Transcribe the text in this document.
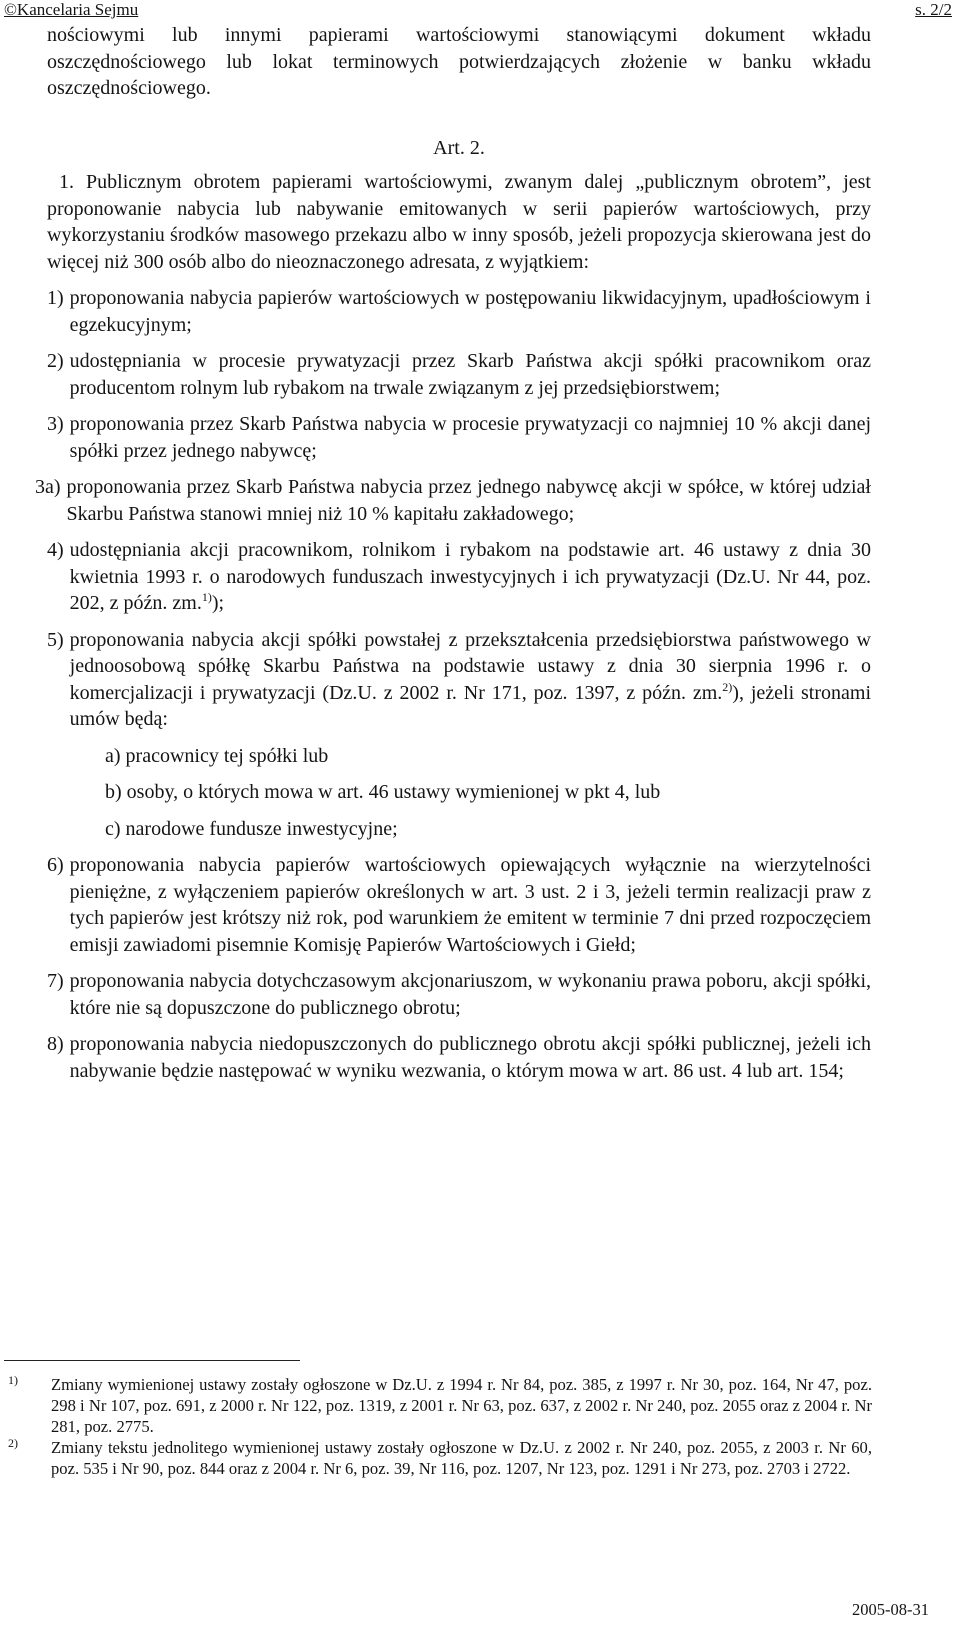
©Kancelaria Sejmu	s. 2/2

nościowymi lub innymi papierami wartościowymi stanowiącymi dokument wkładu oszczędnościowego lub lokat terminowych potwierdzających złożenie w banku wkładu oszczędnościowego.

Art. 2.

1. Publicznym obrotem papierami wartościowymi, zwanym dalej „publicznym obrotem”, jest proponowanie nabycia lub nabywanie emitowanych w serii papierów wartościowych, przy wykorzystaniu środków masowego przekazu albo w inny sposób, jeżeli propozycja skierowana jest do więcej niż 300 osób albo do nieoznaczonego adresata, z wyjątkiem:

1) proponowania nabycia papierów wartościowych w postępowaniu likwidacyjnym, upadłościowym i egzekucyjnym;
2) udostępniania w procesie prywatyzacji przez Skarb Państwa akcji spółki pracownikom oraz producentom rolnym lub rybakom na trwale związanym z jej przedsiębiorstwem;
3) proponowania przez Skarb Państwa nabycia w procesie prywatyzacji co najmniej 10 % akcji danej spółki przez jednego nabywcę;
3a) proponowania przez Skarb Państwa nabycia przez jednego nabywcę akcji w spółce, w której udział Skarbu Państwa stanowi mniej niż 10 % kapitału zakładowego;
4) udostępniania akcji pracownikom, rolnikom i rybakom na podstawie art. 46 ustawy z dnia 30 kwietnia 1993 r. o narodowych funduszach inwestycyjnych i ich prywatyzacji (Dz.U. Nr 44, poz. 202, z późn. zm.$^{1)}$);
5) proponowania nabycia akcji spółki powstałej z przekształcenia przedsiębiorstwa państwowego w jednoosobową spółkę Skarbu Państwa na podstawie ustawy z dnia 30 sierpnia 1996 r. o komercjalizacji i prywatyzacji (Dz.U. z 2002 r. Nr 171, poz. 1397, z późn. zm.$^{2)}$), jeżeli stronami umów będą:
a) pracownicy tej spółki lub
b) osoby, o których mowa w art. 46 ustawy wymienionej w pkt 4, lub
c) narodowe fundusze inwestycyjne;
6) proponowania nabycia papierów wartościowych opiewających wyłącznie na wierzytelności pieniężne, z wyłączeniem papierów określonych w art. 3 ust. 2 i 3, jeżeli termin realizacji praw z tych papierów jest krótszy niż rok, pod warunkiem że emitent w terminie 7 dni przed rozpoczęciem emisji zawiadomi pisemnie Komisję Papierów Wartościowych i Giełd;
7) proponowania nabycia dotychczasowym akcjonariuszom, w wykonaniu prawa poboru, akcji spółki, które nie są dopuszczone do publicznego obrotu;
8) proponowania nabycia niedopuszczonych do publicznego obrotu akcji spółki publicznej, jeżeli ich nabywanie będzie następować w wyniku wezwania, o którym mowa w art. 86 ust. 4 lub art. 154;
1) Zmiany wymienionej ustawy zostały ogłoszone w Dz.U. z 1994 r. Nr 84, poz. 385, z 1997 r. Nr 30, poz. 164, Nr 47, poz. 298 i Nr 107, poz. 691, z 2000 r. Nr 122, poz. 1319, z 2001 r. Nr 63, poz. 637, z 2002 r. Nr 240, poz. 2055 oraz z 2004 r. Nr 281, poz. 2775.
2) Zmiany tekstu jednolitego wymienionej ustawy zostały ogłoszone w Dz.U. z 2002 r. Nr 240, poz. 2055, z 2003 r. Nr 60, poz. 535 i Nr 90, poz. 844 oraz z 2004 r. Nr 6, poz. 39, Nr 116, poz. 1207, Nr 123, poz. 1291 i Nr 273, poz. 2703 i 2722.
2005-08-31
